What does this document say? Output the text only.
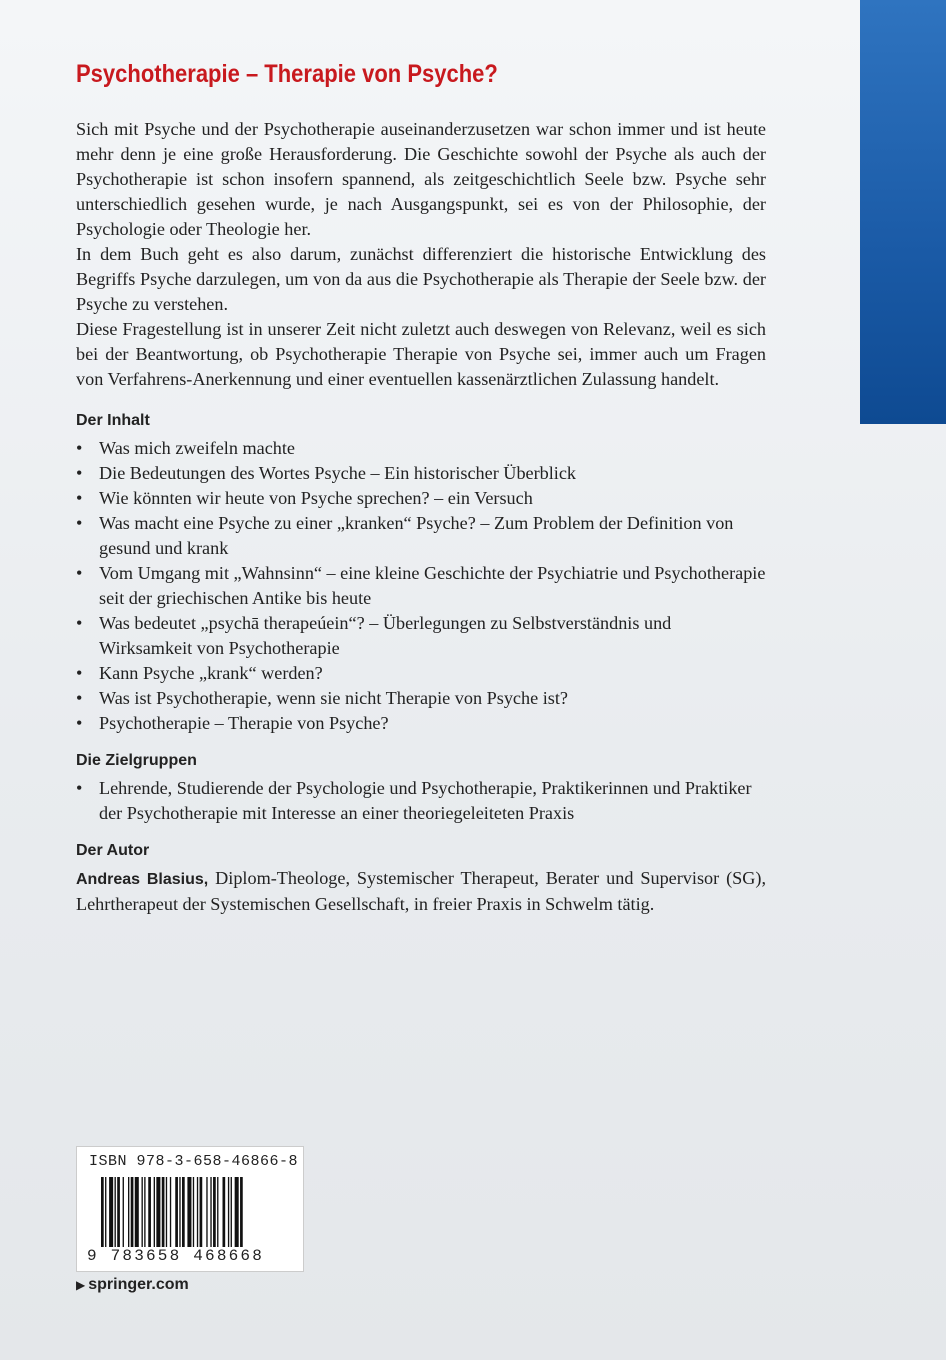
Psychotherapie – Therapie von Psyche?

Sich mit Psyche und der Psychotherapie auseinanderzusetzen war schon immer und ist heute mehr denn je eine große Herausforderung. Die Geschichte sowohl der Psyche als auch der Psychotherapie ist schon insofern spannend, als zeitgeschichtlich Seele bzw. Psyche sehr unterschiedlich gesehen wurde, je nach Ausgangspunkt, sei es von der Philosophie, der Psychologie oder Theologie her.

In dem Buch geht es also darum, zunächst differenziert die historische Entwicklung des Begriffs Psyche darzulegen, um von da aus die Psychotherapie als Therapie der Seele bzw. der Psyche zu verstehen.

Diese Fragestellung ist in unserer Zeit nicht zuletzt auch deswegen von Relevanz, weil es sich bei der Beantwortung, ob Psychotherapie Therapie von Psyche sei, immer auch um Fragen von Verfahrens-Anerkennung und einer eventuellen kassenärztlichen Zulassung handelt.

Der Inhalt
• Was mich zweifeln machte
• Die Bedeutungen des Wortes Psyche – Ein historischer Überblick
• Wie könnten wir heute von Psyche sprechen? – ein Versuch
• Was macht eine Psyche zu einer „kranken“ Psyche? – Zum Problem der Definition von gesund und krank
• Vom Umgang mit „Wahnsinn“ – eine kleine Geschichte der Psychiatrie und Psychotherapie seit der griechischen Antike bis heute
• Was bedeutet „psychā therapeúein“? – Überlegungen zu Selbstverständnis und Wirksamkeit von Psychotherapie
• Kann Psyche „krank“ werden?
• Was ist Psychotherapie, wenn sie nicht Therapie von Psyche ist?
• Psychotherapie – Therapie von Psyche?
Die Zielgruppen
• Lehrende, Studierende der Psychologie und Psychotherapie, Praktikerinnen und Praktiker der Psychotherapie mit Interesse an einer theoriegeleiteten Praxis
Der Autor

Andreas Blasius, Diplom-Theologe, Systemischer Therapeut, Berater und Supervisor (SG), Lehrtherapeut der Systemischen Gesellschaft, in freier Praxis in Schwelm tätig.

ISBN 978-3-658-46866-8
9 783658 468668
▶ springer.com
